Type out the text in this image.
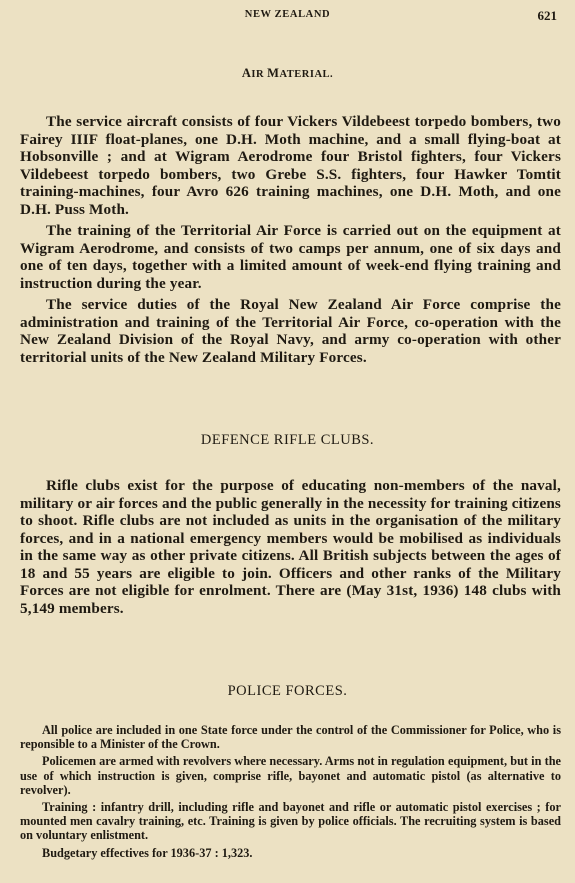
NEW ZEALAND	621
AIR MATERIAL.

The service aircraft consists of four Vickers Vildebeest torpedo bombers, two Fairey IIIF float-planes, one D.H. Moth machine, and a small flying-boat at Hobsonville ; and at Wigram Aerodrome four Bristol fighters, four Vickers Vildebeest torpedo bombers, two Grebe S.S. fighters, four Hawker Tomtit training-machines, four Avro 626 training machines, one D.H. Moth, and one D.H. Puss Moth.

The training of the Territorial Air Force is carried out on the equipment at Wigram Aerodrome, and consists of two camps per annum, one of six days and one of ten days, together with a limited amount of week-end flying training and instruction during the year.

The service duties of the Royal New Zealand Air Force comprise the administration and training of the Territorial Air Force, co-operation with the New Zealand Division of the Royal Navy, and army co-operation with other territorial units of the New Zealand Military Forces.

DEFENCE RIFLE CLUBS.

Rifle clubs exist for the purpose of educating non-members of the naval, military or air forces and the public generally in the necessity for training citizens to shoot. Rifle clubs are not included as units in the organisation of the military forces, and in a national emergency members would be mobilised as individuals in the same way as other private citizens. All British subjects between the ages of 18 and 55 years are eligible to join. Officers and other ranks of the Military Forces are not eligible for enrolment. There are (May 31st, 1936) 148 clubs with 5,149 members.

POLICE FORCES.

All police are included in one State force under the control of the Commissioner for Police, who is reponsible to a Minister of the Crown.

Policemen are armed with revolvers where necessary. Arms not in regulation equipment, but in the use of which instruction is given, comprise rifle, bayonet and automatic pistol (as alternative to revolver).

Training : infantry drill, including rifle and bayonet and rifle or automatic pistol exercises ; for mounted men cavalry training, etc. Training is given by police officials. The recruiting system is based on voluntary enlistment.

Budgetary effectives for 1936-37 : 1,323.
